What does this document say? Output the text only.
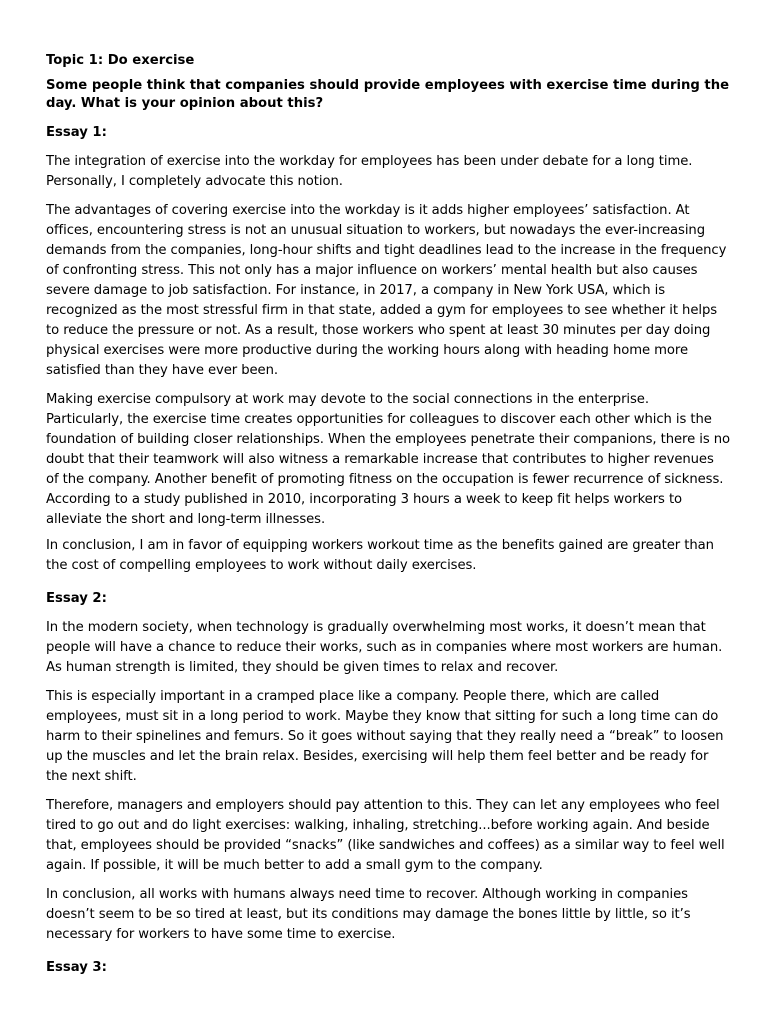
Topic 1: Do exercise
Some people think that companies should provide employees with exercise time during the day. What is your opinion about this?
Essay 1:

The integration of exercise into the workday for employees has been under debate for a long time. Personally, I completely advocate this notion.

The advantages of covering exercise into the workday is it adds higher employees’ satisfaction. At offices, encountering stress is not an unusual situation to workers, but nowadays the ever-increasing demands from the companies, long-hour shifts and tight deadlines lead to the increase in the frequency of confronting stress. This not only has a major influence on workers’ mental health but also causes severe damage to job satisfaction. For instance, in 2017, a company in New York USA, which is recognized as the most stressful firm in that state, added a gym for employees to see whether it helps to reduce the pressure or not. As a result, those workers who spent at least 30 minutes per day doing physical exercises were more productive during the working hours along with heading home more satisfied than they have ever been.

Making exercise compulsory at work may devote to the social connections in the enterprise. Particularly, the exercise time creates opportunities for colleagues to discover each other which is the foundation of building closer relationships. When the employees penetrate their companions, there is no doubt that their teamwork will also witness a remarkable increase that contributes to higher revenues of the company. Another benefit of promoting fitness on the occupation is fewer recurrence of sickness. According to a study published in 2010, incorporating 3 hours a week to keep fit helps workers to alleviate the short and long-term illnesses.

In conclusion, I am in favor of equipping workers workout time as the benefits gained are greater than the cost of compelling employees to work without daily exercises.

Essay 2:

In the modern society, when technology is gradually overwhelming most works, it doesn’t mean that people will have a chance to reduce their works, such as in companies where most workers are human. As human strength is limited, they should be given times to relax and recover.

This is especially important in a cramped place like a company. People there, which are called employees, must sit in a long period to work. Maybe they know that sitting for such a long time can do harm to their spinelines and femurs. So it goes without saying that they really need a “break” to loosen up the muscles and let the brain relax. Besides, exercising will help them feel better and be ready for the next shift.

Therefore, managers and employers should pay attention to this. They can let any employees who feel tired to go out and do light exercises: walking, inhaling, stretching...before working again. And beside that, employees should be provided “snacks” (like sandwiches and coffees) as a similar way to feel well again. If possible, it will be much better to add a small gym to the company.

In conclusion, all works with humans always need time to recover. Although working in companies doesn’t seem to be so tired at least, but its conditions may damage the bones little by little, so it’s necessary for workers to have some time to exercise.

Essay 3:
